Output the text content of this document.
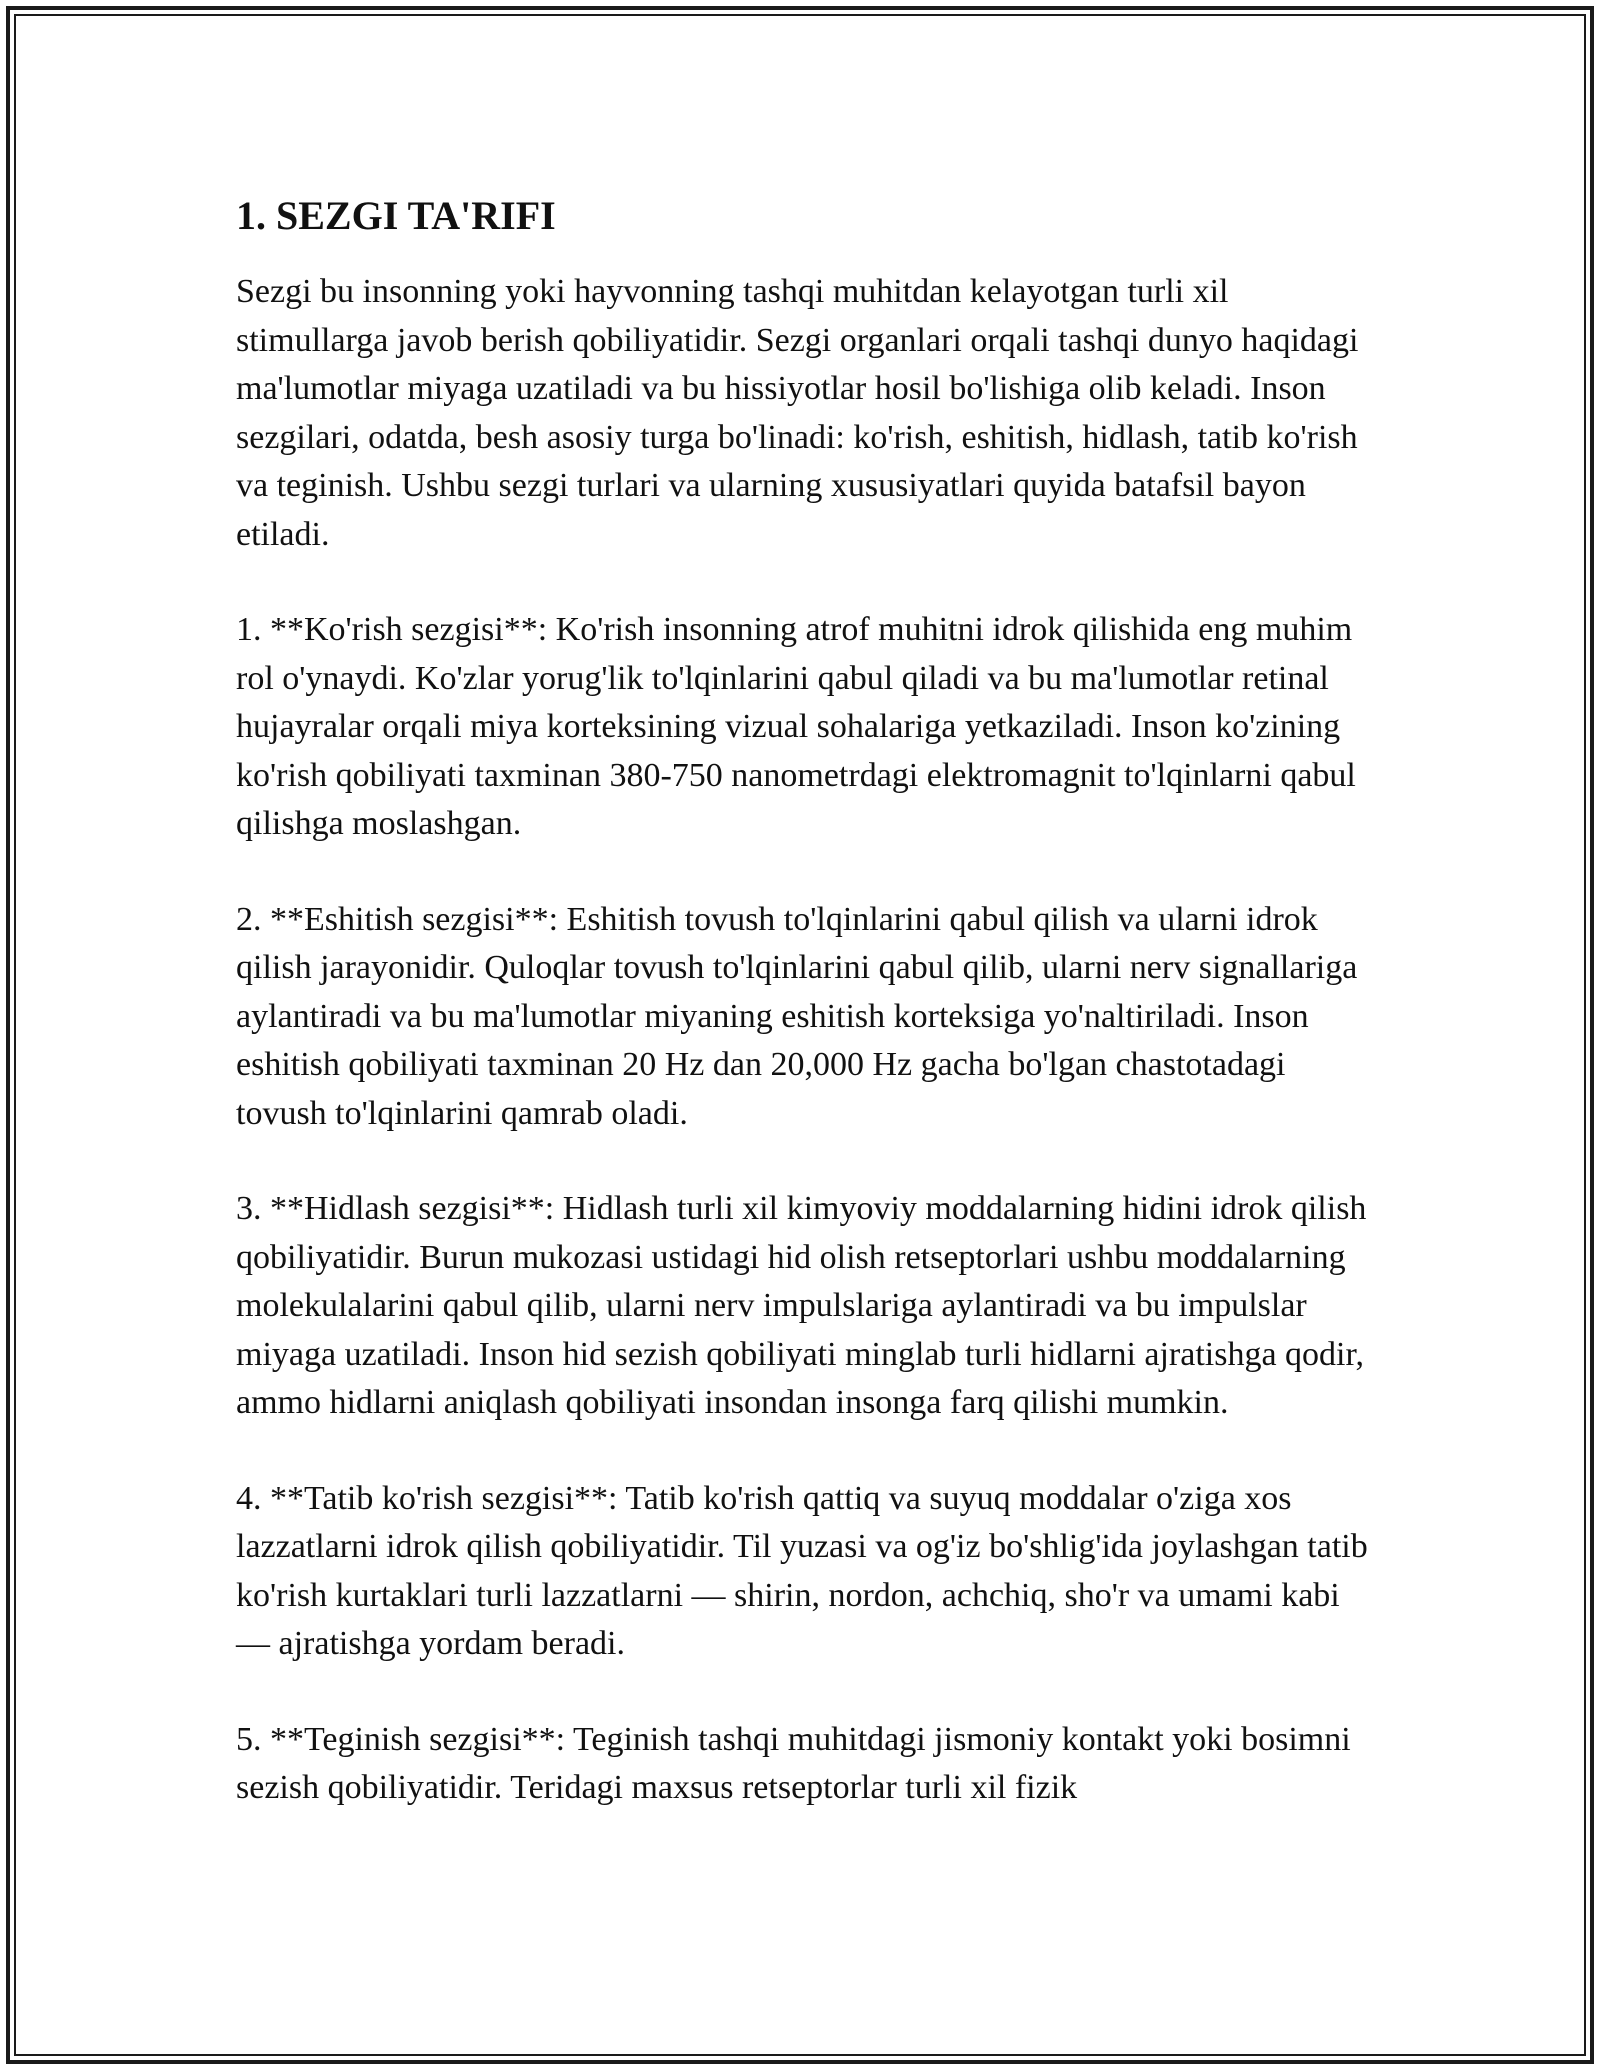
1. SEZGI TA'RIFI

Sezgi bu insonning yoki hayvonning tashqi muhitdan kelayotgan turli xil stimullarga javob berish qobiliyatidir. Sezgi organlari orqali tashqi dunyo haqidagi ma'lumotlar miyaga uzatiladi va bu hissiyotlar hosil bo'lishiga olib keladi. Inson sezgilari, odatda, besh asosiy turga bo'linadi: ko'rish, eshitish, hidlash, tatib ko'rish va teginish. Ushbu sezgi turlari va ularning xususiyatlari quyida batafsil bayon etiladi.

1. **Ko'rish sezgisi**: Ko'rish insonning atrof muhitni idrok qilishida eng muhim rol o'ynaydi. Ko'zlar yorug'lik to'lqinlarini qabul qiladi va bu ma'lumotlar retinal hujayralar orqali miya korteksining vizual sohalariga yetkaziladi. Inson ko'zining ko'rish qobiliyati taxminan 380-750 nanometrdagi elektromagnit to'lqinlarni qabul qilishga moslashgan.

2. **Eshitish sezgisi**: Eshitish tovush to'lqinlarini qabul qilish va ularni idrok qilish jarayonidir. Quloqlar tovush to'lqinlarini qabul qilib, ularni nerv signallariga aylantiradi va bu ma'lumotlar miyaning eshitish korteksiga yo'naltiriladi. Inson eshitish qobiliyati taxminan 20 Hz dan 20,000 Hz gacha bo'lgan chastotadagi tovush to'lqinlarini qamrab oladi.

3. **Hidlash sezgisi**: Hidlash turli xil kimyoviy moddalarning hidini idrok qilish qobiliyatidir. Burun mukozasi ustidagi hid olish retseptorlari ushbu moddalarning molekulalarini qabul qilib, ularni nerv impulslariga aylantiradi va bu impulslar miyaga uzatiladi. Inson hid sezish qobiliyati minglab turli hidlarni ajratishga qodir, ammo hidlarni aniqlash qobiliyati insondan insonga farq qilishi mumkin.

4. **Tatib ko'rish sezgisi**: Tatib ko'rish qattiq va suyuq moddalar o'ziga xos lazzatlarni idrok qilish qobiliyatidir. Til yuzasi va og'iz bo'shlig'ida joylashgan tatib ko'rish kurtaklari turli lazzatlarni — shirin, nordon, achchiq, sho'r va umami kabi — ajratishga yordam beradi.

5. **Teginish sezgisi**: Teginish tashqi muhitdagi jismoniy kontakt yoki bosimni sezish qobiliyatidir. Teridagi maxsus retseptorlar turli xil fizik
